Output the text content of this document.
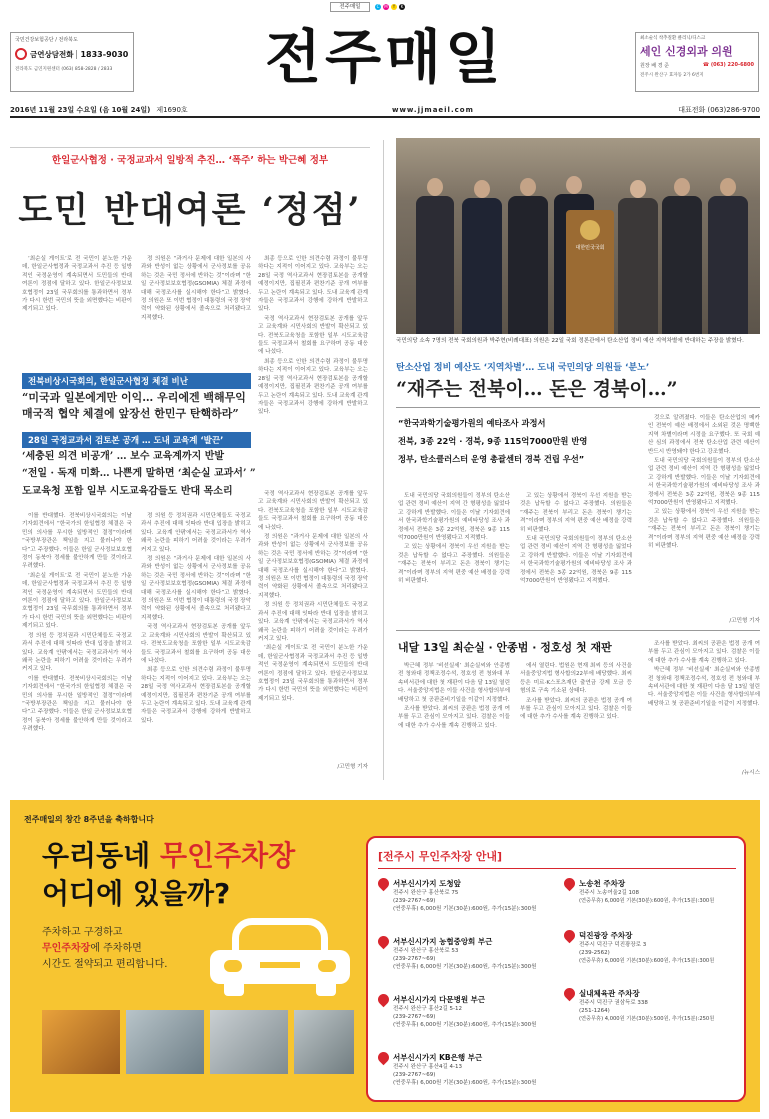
전주매일	C	M	Y	K
국민건강보험공단 / 전라북도
금연상담전화 1833-9030
전라북도 금연지원센터 (063) 858-2828 / 2833	전주매일	최소술식 착추질환 클리닉/디스크
세인 신경외과 의원
원장 배 경 준	☎ (063) 220-6800
전주시 완산구 효자동 2가 6번지
2016년 11월 23일 수요일 (음 10월 24일) 제1690호	www.jjmaeil.com	대표전화 (063)286-9700
한일군사협정 · 국정교과서 일방적 추진… ‘폭주’ 하는 박근혜 정부
도민 반대여론 ‘정점’

‘최순실 게이트’로 전 국민이 분노한 가운데, 한일군사협정과 국정교과서 추진 등 일방적인 국정운영이 계속되면서 도민들의 반대 여론이 정점에 달하고 있다. 한일군사정보보호협정이 23일 국무회의를 통과하면서 정부가 다시 한번 국민의 뜻을 외면했다는 비판이 제기되고 있다.

정 의원은 “과거사 문제에 대한 일본의 사과와 반성이 없는 상황에서 군사정보를 공유하는 것은 국민 정서에 반하는 것”이라며 “한일 군사정보보호협정(GSOMIA) 체결 과정에 대해 국정조사를 실시해야 한다”고 밝혔다. 정 의원은 또 이번 협정이 대통령의 국정 장악력이 약화된 상황에서 졸속으로 처리됐다고 지적했다.

최종 등으로 인한 의견수렴 과정이 불투명하다는 지적이 이어지고 있다. 교육부는 오는 28일 국정 역사교과서 현장검토본을 공개할 예정이지만, 집필진과 편찬기준 공개 여부를 두고 논란이 계속되고 있다. 도내 교육계 관계자들은 국정교과서 강행에 강하게 반발하고 있다.

국정 역사교과서 현장검토본 공개를 앞두고 교육계와 시민사회의 반발이 확산되고 있다. 전북도교육청을 포함한 일부 시도교육감들도 국정교과서 철회를 요구하며 공동 대응에 나섰다.

최종 등으로 인한 의견수렴 과정이 불투명하다는 지적이 이어지고 있다. 교육부는 오는 28일 국정 역사교과서 현장검토본을 공개할 예정이지만, 집필진과 편찬기준 공개 여부를 두고 논란이 계속되고 있다. 도내 교육계 관계자들은 국정교과서 강행에 강하게 반발하고 있다.

전북비상시국회의, 한일군사협정 체결 비난
“미국과 일본에게만 이익… 우리에겐 백해무익
매국적 협약 체결에 앞장선 한민구 탄핵하라”
28일 국정교과서 검토본 공개 … 도내 교육계 ‘발끈’
‘세충된 의견 비공개’ … 보수 교육계까지 반발
“전일 · 독재 미화… 나쁜게 말하면 ‘최순실 교과서’ ”
도교육청 포함 일부 시도교육감들도 반대 목소리

이를 반대했다. 전북비상시국회의는 이날 기자회견에서 “한국가의 한일협정 체결은 국민의 의사를 무시한 일방적인 결정”이라며 “국방부장관은 책임을 지고 물러나야 한다”고 주장했다. 이들은 한일 군사정보보호협정이 동북아 정세를 불안하게 만들 것이라고 우려했다.

‘최순실 게이트’로 전 국민이 분노한 가운데, 한일군사협정과 국정교과서 추진 등 일방적인 국정운영이 계속되면서 도민들의 반대 여론이 정점에 달하고 있다. 한일군사정보보호협정이 23일 국무회의를 통과하면서 정부가 다시 한번 국민의 뜻을 외면했다는 비판이 제기되고 있다.

정 의원 등 정치권과 시민단체들도 국정교과서 추진에 대해 잇따라 반대 입장을 밝히고 있다. 교육계 안팎에서는 국정교과서가 역사 왜곡 논란을 피하기 어려울 것이라는 우려가 커지고 있다.

이를 반대했다. 전북비상시국회의는 이날 기자회견에서 “한국가의 한일협정 체결은 국민의 의사를 무시한 일방적인 결정”이라며 “국방부장관은 책임을 지고 물러나야 한다”고 주장했다. 이들은 한일 군사정보보호협정이 동북아 정세를 불안하게 만들 것이라고 우려했다.

정 의원 등 정치권과 시민단체들도 국정교과서 추진에 대해 잇따라 반대 입장을 밝히고 있다. 교육계 안팎에서는 국정교과서가 역사 왜곡 논란을 피하기 어려울 것이라는 우려가 커지고 있다.

정 의원은 “과거사 문제에 대한 일본의 사과와 반성이 없는 상황에서 군사정보를 공유하는 것은 국민 정서에 반하는 것”이라며 “한일 군사정보보호협정(GSOMIA) 체결 과정에 대해 국정조사를 실시해야 한다”고 밝혔다. 정 의원은 또 이번 협정이 대통령의 국정 장악력이 약화된 상황에서 졸속으로 처리됐다고 지적했다.

국정 역사교과서 현장검토본 공개를 앞두고 교육계와 시민사회의 반발이 확산되고 있다. 전북도교육청을 포함한 일부 시도교육감들도 국정교과서 철회를 요구하며 공동 대응에 나섰다.

최종 등으로 인한 의견수렴 과정이 불투명하다는 지적이 이어지고 있다. 교육부는 오는 28일 국정 역사교과서 현장검토본을 공개할 예정이지만, 집필진과 편찬기준 공개 여부를 두고 논란이 계속되고 있다. 도내 교육계 관계자들은 국정교과서 강행에 강하게 반발하고 있다.

국정 역사교과서 현장검토본 공개를 앞두고 교육계와 시민사회의 반발이 확산되고 있다. 전북도교육청을 포함한 일부 시도교육감들도 국정교과서 철회를 요구하며 공동 대응에 나섰다.

정 의원은 “과거사 문제에 대한 일본의 사과와 반성이 없는 상황에서 군사정보를 공유하는 것은 국민 정서에 반하는 것”이라며 “한일 군사정보보호협정(GSOMIA) 체결 과정에 대해 국정조사를 실시해야 한다”고 밝혔다. 정 의원은 또 이번 협정이 대통령의 국정 장악력이 약화된 상황에서 졸속으로 처리됐다고 지적했다.

정 의원 등 정치권과 시민단체들도 국정교과서 추진에 대해 잇따라 반대 입장을 밝히고 있다. 교육계 안팎에서는 국정교과서가 역사 왜곡 논란을 피하기 어려울 것이라는 우려가 커지고 있다.

‘최순실 게이트’로 전 국민이 분노한 가운데, 한일군사협정과 국정교과서 추진 등 일방적인 국정운영이 계속되면서 도민들의 반대 여론이 정점에 달하고 있다. 한일군사정보보호협정이 23일 국무회의를 통과하면서 정부가 다시 한번 국민의 뜻을 외면했다는 비판이 제기되고 있다.

/고민형 기자
대한민국국회
국민의당 소속 7명의 전북 국회의원과 박주현(비례대표) 의원은 22일 국회 정론관에서 탄소산업 정비 예산 지역차별에 반대하는 주장을 밝혔다.
탄소산업 정비 예산도 ‘지역차별’… 도내 국민의당 의원들 ‘분노’
“재주는 전북이… 돈은 경북이…”
“한국과학기술평가원의 예타조사 과정서
전북, 3종 22억 · 경북, 9종 115억7000만원 반영
정부, 탄소클러스터 운영 총괄센터 경북 건립 우선”

도내 국민의당 국회의원들이 정부의 탄소산업 관련 정비 예산이 지역 간 형평성을 잃었다고 강하게 반발했다. 이들은 이날 기자회견에서 한국과학기술평가원의 예비타당성 조사 과정에서 전북은 3종 22억원, 경북은 9종 115억7000만원이 반영됐다고 지적했다.

고 있는 상황에서 경북이 우선 지원을 받는 것은 납득할 수 없다고 주장했다. 의원들은 “재주는 전북이 부리고 돈은 경북이 챙기는 격”이라며 정부의 지역 편중 예산 배정을 강력히 비판했다.

고 있는 상황에서 경북이 우선 지원을 받는 것은 납득할 수 없다고 주장했다. 의원들은 “재주는 전북이 부리고 돈은 경북이 챙기는 격”이라며 정부의 지역 편중 예산 배정을 강력히 비판했다.

도내 국민의당 국회의원들이 정부의 탄소산업 관련 정비 예산이 지역 간 형평성을 잃었다고 강하게 반발했다. 이들은 이날 기자회견에서 한국과학기술평가원의 예비타당성 조사 과정에서 전북은 3종 22억원, 경북은 9종 115억7000만원이 반영됐다고 지적했다.

것으로 알려졌다. 이들은 탄소산업의 메카인 전북이 예산 배정에서 소외된 것은 명백한 지역 차별이라며 시정을 요구했다. 또 국회 예산 심의 과정에서 전북 탄소산업 관련 예산이 반드시 반영돼야 한다고 강조했다.

도내 국민의당 국회의원들이 정부의 탄소산업 관련 정비 예산이 지역 간 형평성을 잃었다고 강하게 반발했다. 이들은 이날 기자회견에서 한국과학기술평가원의 예비타당성 조사 과정에서 전북은 3종 22억원, 경북은 9종 115억7000만원이 반영됐다고 지적했다.

고 있는 상황에서 경북이 우선 지원을 받는 것은 납득할 수 없다고 주장했다. 의원들은 “재주는 전북이 부리고 돈은 경북이 챙기는 격”이라며 정부의 지역 편중 예산 배정을 강력히 비판했다.

/고민형 기자
내달 13일 최순실 · 안종범 · 정호성 첫 재판

박근혜 정부 ‘비선실세’ 최순실씨와 안종범 전 청와대 정책조정수석, 정호성 전 청와대 부속비서관에 대한 첫 재판이 다음 달 13일 열린다. 서울중앙지법은 이들 사건을 형사합의부에 배당하고 첫 공판준비기일을 이같이 지정했다.

조사를 받았다. 최씨의 공판은 법정 공개 여부를 두고 관심이 모아지고 있다. 검찰은 이들에 대한 추가 수사를 계속 진행하고 있다.

에서 열린다. 법원은 현재 최씨 등의 사건을 서울중앙지법 형사합의22부에 배당했다. 최씨 등은 미르·K스포츠재단 출연금 강제 모금 등 혐의로 구속 기소된 상태다.

조사를 받았다. 최씨의 공판은 법정 공개 여부를 두고 관심이 모아지고 있다. 검찰은 이들에 대한 추가 수사를 계속 진행하고 있다.

조사를 받았다. 최씨의 공판은 법정 공개 여부를 두고 관심이 모아지고 있다. 검찰은 이들에 대한 추가 수사를 계속 진행하고 있다.

박근혜 정부 ‘비선실세’ 최순실씨와 안종범 전 청와대 정책조정수석, 정호성 전 청와대 부속비서관에 대한 첫 재판이 다음 달 13일 열린다. 서울중앙지법은 이들 사건을 형사합의부에 배당하고 첫 공판준비기일을 이같이 지정했다.

/뉴시스
전주매일의 창간 8주년을 축하합니다
우리동네 무인주차장
어디에 있을까?
주차하고 구경하고
무인주차장에 주차하면
시간도 절약되고 편리합니다.
[전주시 무인주차장 안내]
서부신시가지 도청앞
전주시 완산구 홍산북로 75
(239-2767~69)
(연중무휴) 6,000원 기본(30분):600원, 추가(15분):300원
서부신시가지 농협중앙회 부근
전주시 완산구 홍산북로 53
(239-2767~69)
(연중무휴) 6,000원 기본(30분):600원, 추가(15분):300원
서부신시가지 다문병원 부근
전주시 완산구 홍산2길 5-12
(239-2767~69)
(연중무휴) 6,000원 기본(30분):600원, 추가(15분):300원
서부신시가지 KB은행 부근
전주시 완산구 홍산4길 4-13
(239-2767~69)
(연중무휴) 6,000원 기본(30분):600원, 추가(15분):300원
노송천 주차장
전주시 노송여울2길 108
(연중무휴) 6,000원 기본(30분):600원, 추가(15분):300원
덕진광장 주차장
전주시 덕진구 덕진광장로 3
(239-2562)
(연중무휴) 6,000원 기본(30분):600원, 추가(15분):300원
실내체육관 주차장
전주시 덕진구 권삼득로 338
(251-1264)
(연중무휴) 4,000원 기본(30분):500원, 추가(15분):250원
